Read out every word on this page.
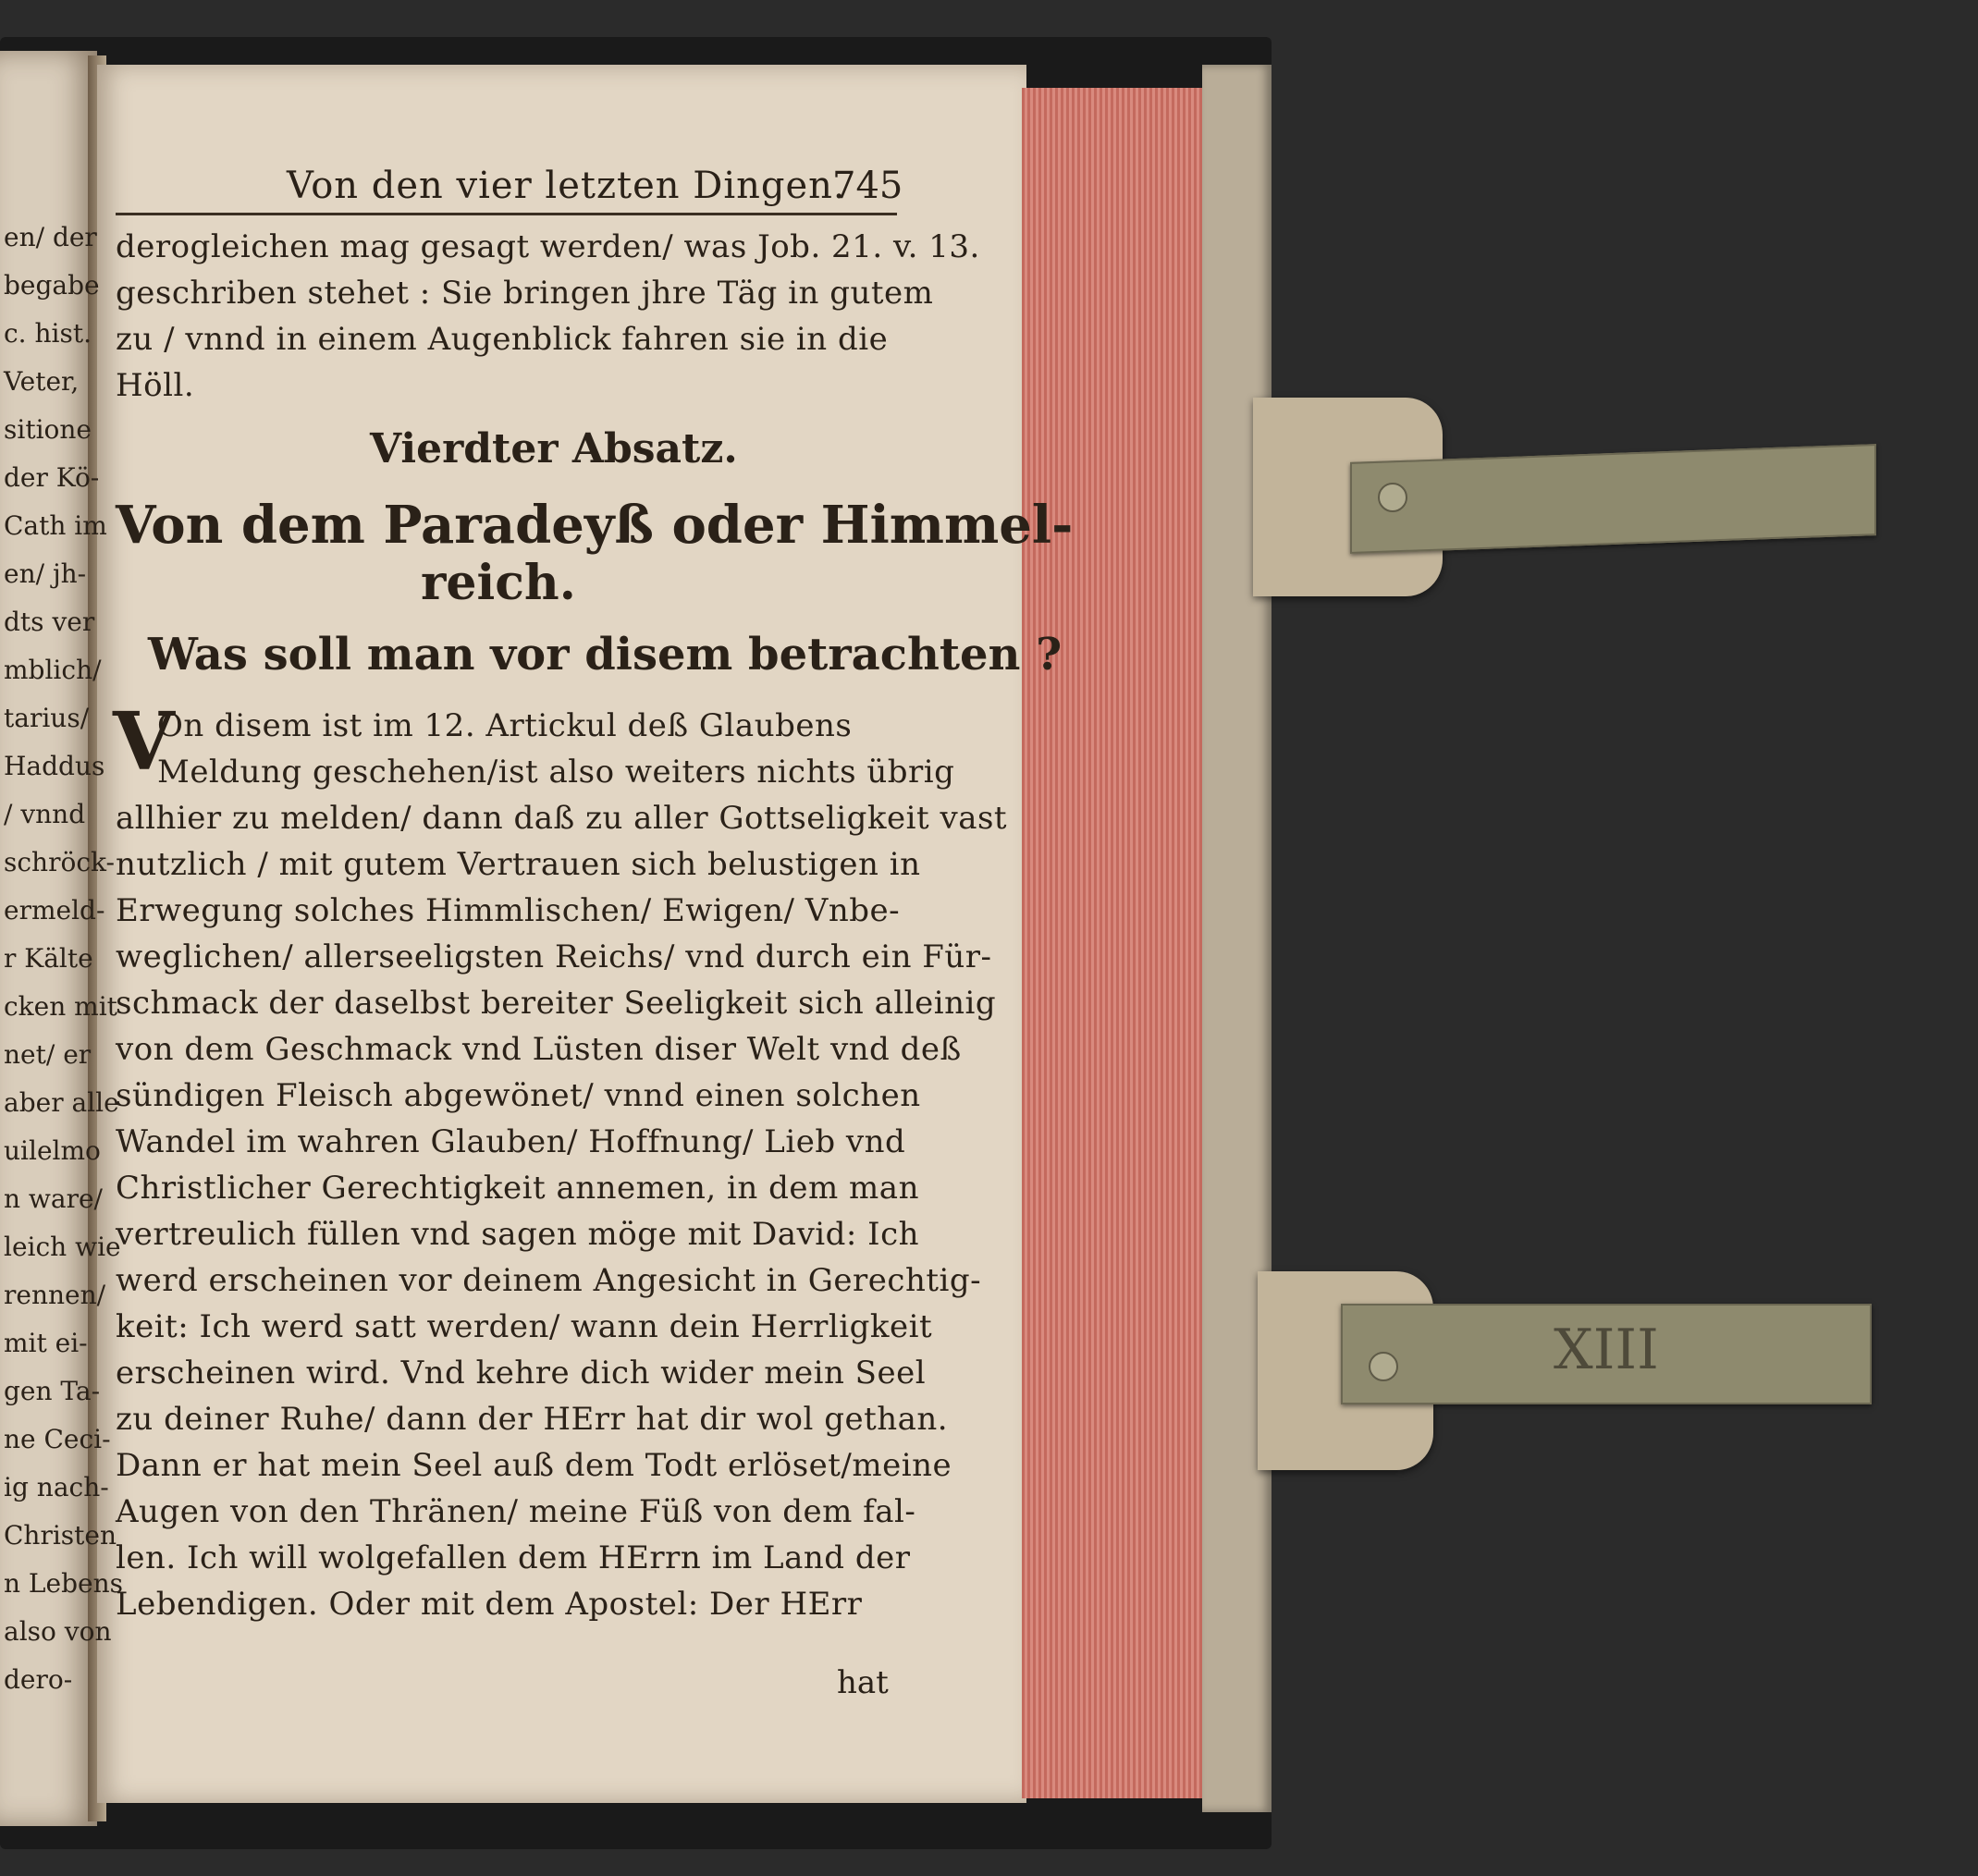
XIII
en/ der
begabe
c. hist.
Veter,
sitione
der Kö-
Cath im
en/ jh-
dts ver
mblich/
tarius/
Haddus
/ vnnd
schröck-
ermeld-
r Kälte
cken mit
net/ er
aber alle
uilelmo
n ware/
leich wie
rennen/
mit ei-
gen Ta-
ne Ceci-
ig nach-
Christen
n Lebens
also von
dero-
Von den vier letzten Dingen.
745
derogleichen mag gesagt werden/ was Job. 21. v. 13.
geschriben stehet : Sie bringen jhre Täg in gutem
zu / vnnd in einem Augenblick fahren sie in die
Höll.
Vierdter Absatz.
Von dem Paradeyß oder Himmel-
reich.
Was soll man vor disem betrachten ?
V
On disem ist im 12. Artickul deß Glaubens
Meldung geschehen/ist also weiters nichts übrig
allhier zu melden/ dann daß zu aller Gottseligkeit vast
nutzlich / mit gutem Vertrauen sich belustigen in
Erwegung solches Himmlischen/ Ewigen/ Vnbe-
weglichen/ allerseeligsten Reichs/ vnd durch ein Für-
schmack der daselbst bereiter Seeligkeit sich alleinig
von dem Geschmack vnd Lüsten diser Welt vnd deß
sündigen Fleisch abgewönet/ vnnd einen solchen
Wandel im wahren Glauben/ Hoffnung/ Lieb vnd
Christlicher Gerechtigkeit annemen, in dem man
vertreulich füllen vnd sagen möge mit David: Ich
werd erscheinen vor deinem Angesicht in Gerechtig-
keit: Ich werd satt werden/ wann dein Herrligkeit
erscheinen wird. Vnd kehre dich wider mein Seel
zu deiner Ruhe/ dann der HErr hat dir wol gethan.
Dann er hat mein Seel auß dem Todt erlöset/meine
Augen von den Thränen/ meine Füß von dem fal-
len. Ich will wolgefallen dem HErrn im Land der
Lebendigen. Oder mit dem Apostel: Der HErr
hat
